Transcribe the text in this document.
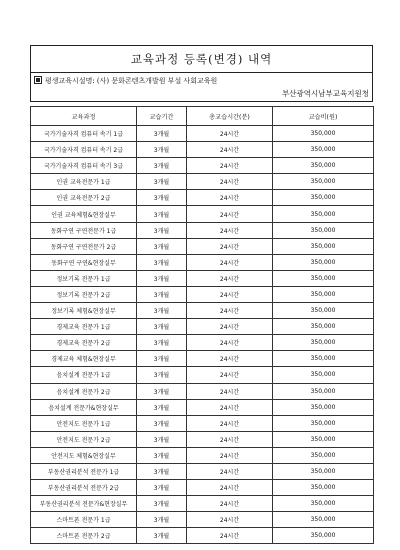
교육과정 등록(변경) 내역
평생교육시설명: (사) 문화콘텐츠개발원 부설 사회교육원
부산광역시남부교육지원청
교육과정	교습기간	총교습시간(분)	교습비(원)
국가기술자격 컴퓨터 속기 1급	3개월	24시간	350,000
국가기술자격 컴퓨터 속기 2급	3개월	24시간	350,000
국가기술자격 컴퓨터 속기 3급	3개월	24시간	350,000
인권 교육전문가 1급	3개월	24시간	350,000
인권 교육전문가 2급	3개월	24시간	350,000
인권 교육체험&현장실무	3개월	24시간	350,000
동화구연 구연전문가 1급	3개월	24시간	350,000
동화구연 구연전문가 2급	3개월	24시간	350,000
동화구연 구연&현장실무	3개월	24시간	350,000
정보기록 전문가 1급	3개월	24시간	350,000
정보기록 전문가 2급	3개월	24시간	350,000
정보기록 체험&현장실무	3개월	24시간	350,000
경제교육 전문가 1급	3개월	24시간	350,000
경제교육 전문가 2급	3개월	24시간	350,000
경제교육 체험&현장실무	3개월	24시간	350,000
음치설계 전문가 1급	3개월	24시간	350,000
음치설계 전문가 2급	3개월	24시간	350,000
음치설계 전문가&현장실무	3개월	24시간	350,000
안전지도 전문가 1급	3개월	24시간	350,000
안전지도 전문가 2급	3개월	24시간	350,000
안전지도 체험&현장실무	3개월	24시간	350,000
부동산권리분석 전문가 1급	3개월	24시간	350,000
부동산권리분석 전문가 2급	3개월	24시간	350,000
부동산권리분석 전문가&현장실무	3개월	24시간	350,000
스마트폰 전문가 1급	3개월	24시간	350,000
스마트폰 전문가 2급	3개월	24시간	350,000
